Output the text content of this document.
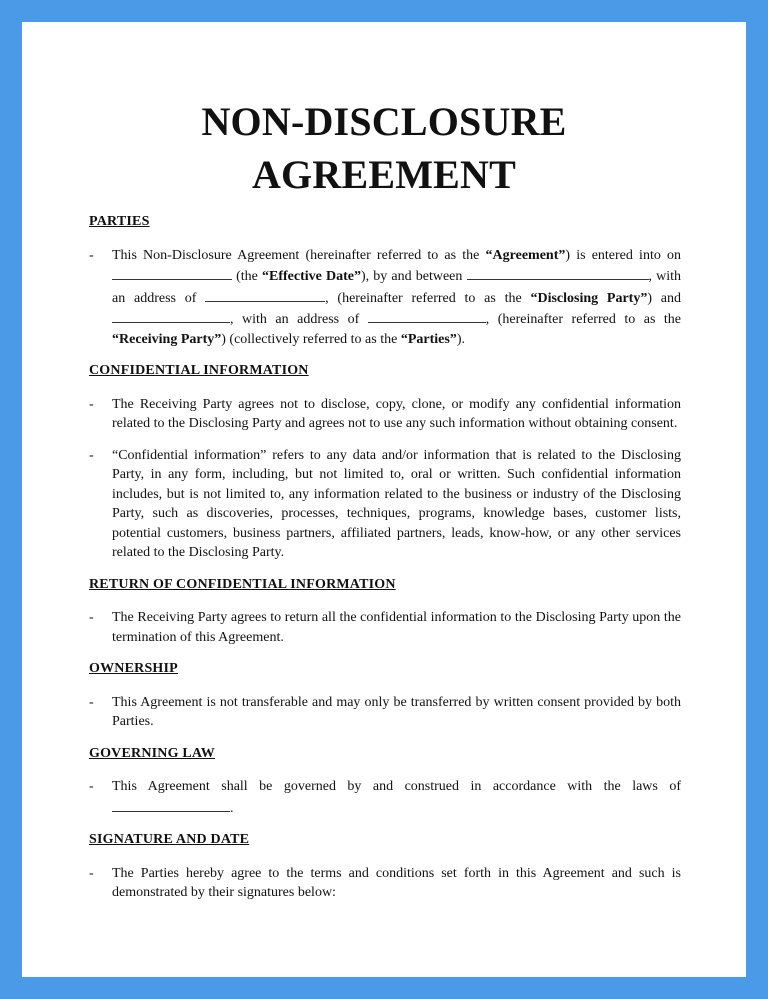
NON-DISCLOSURE
AGREEMENT

PARTIES

- This Non-Disclosure Agreement (hereinafter referred to as the “Agreement”) is entered into on  (the “Effective Date”), by and between	, with an address of	, (hereinafter referred to as the “Disclosing Party”) and , with an address of	, (hereinafter referred to as the “Receiving Party”) (collectively referred to as the “Parties”).

CONFIDENTIAL INFORMATION

- The Receiving Party agrees not to disclose, copy, clone, or modify any confidential information related to the Disclosing Party and agrees not to use any such information without obtaining consent.

- “Confidential information” refers to any data and/or information that is related to the Disclosing Party, in any form, including, but not limited to, oral or written. Such confidential information includes, but is not limited to, any information related to the business or industry of the Disclosing Party, such as discoveries, processes, techniques, programs, knowledge bases, customer lists, potential customers, business partners, affiliated partners, leads, know-how, or any other services related to the Disclosing Party.

RETURN OF CONFIDENTIAL INFORMATION

- The Receiving Party agrees to return all the confidential information to the Disclosing Party upon the termination of this Agreement.

OWNERSHIP

- This Agreement is not transferable and may only be transferred by written consent provided by both Parties.

GOVERNING LAW

- This Agreement shall be governed by and construed in accordance with the laws of .

SIGNATURE AND DATE

- The Parties hereby agree to the terms and conditions set forth in this Agreement and such is demonstrated by their signatures below:
